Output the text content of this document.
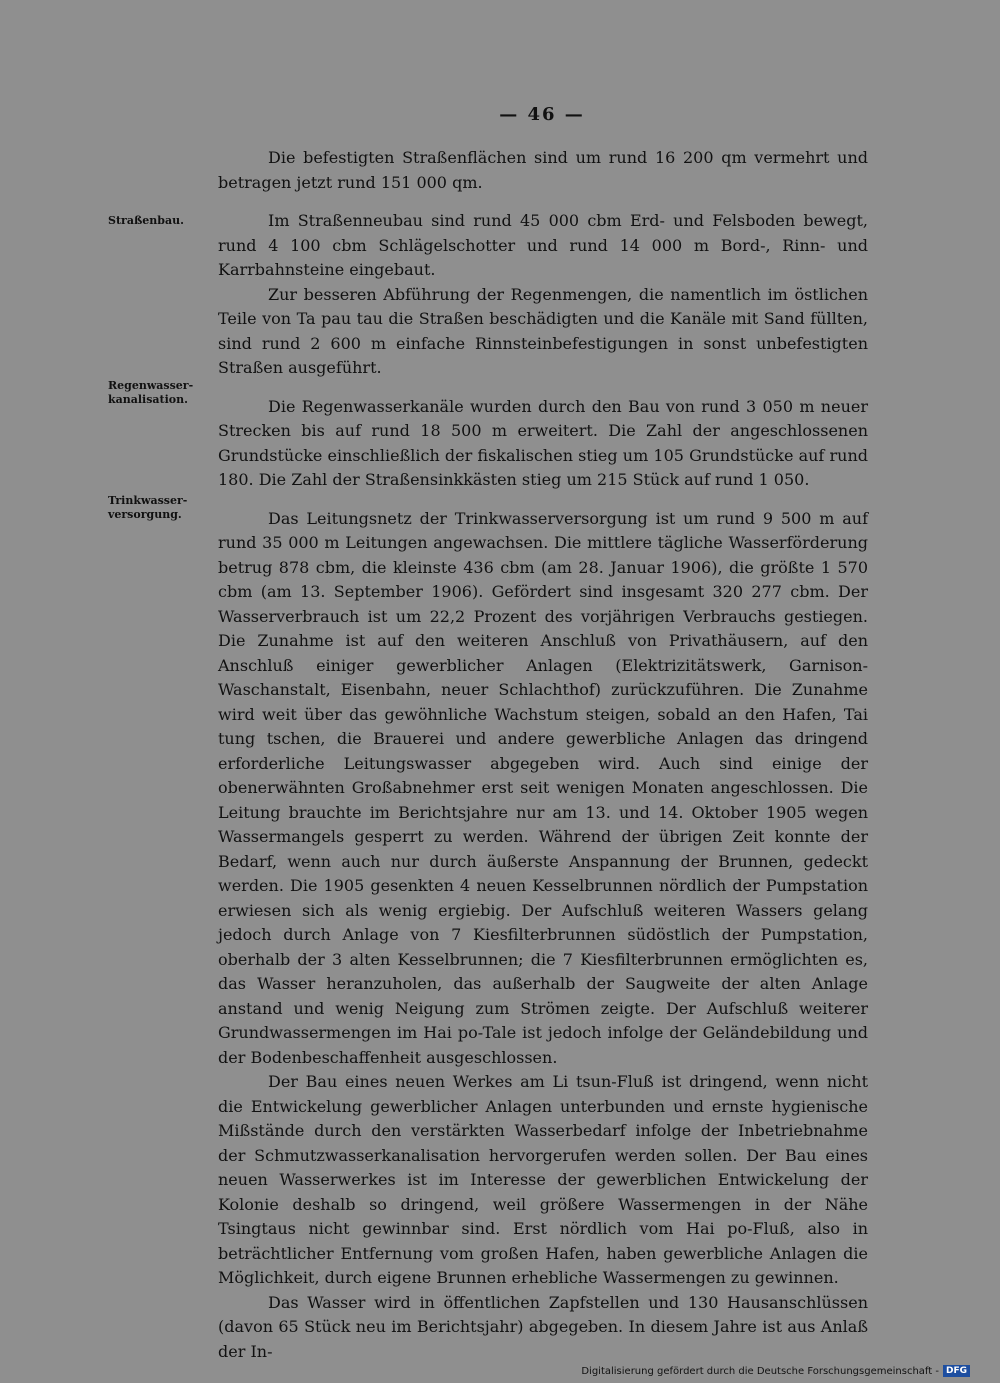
— 46 —
Straßenbau.
Regenwasser-
kanalisation.
Trinkwasser-
versorgung.

Die befestigten Straßenflächen sind um rund 16 200 qm vermehrt und betragen jetzt rund 151 000 qm.

Im Straßenneubau sind rund 45 000 cbm Erd- und Felsboden bewegt, rund 4 100 cbm Schlägelschotter und rund 14 000 m Bord-, Rinn- und Karrbahnsteine eingebaut.

Zur besseren Abführung der Regenmengen, die namentlich im östlichen Teile von Ta pau tau die Straßen beschädigten und die Kanäle mit Sand füllten, sind rund 2 600 m einfache Rinnsteinbefestigungen in sonst unbefestigten Straßen ausgeführt.

Die Regenwasserkanäle wurden durch den Bau von rund 3 050 m neuer Strecken bis auf rund 18 500 m erweitert. Die Zahl der angeschlossenen Grundstücke einschließlich der fiskalischen stieg um 105 Grundstücke auf rund 180. Die Zahl der Straßensinkkästen stieg um 215 Stück auf rund 1 050.

Das Leitungsnetz der Trinkwasserversorgung ist um rund 9 500 m auf rund 35 000 m Leitungen angewachsen. Die mittlere tägliche Wasserförderung betrug 878 cbm, die kleinste 436 cbm (am 28. Januar 1906), die größte 1 570 cbm (am 13. September 1906). Gefördert sind insgesamt 320 277 cbm. Der Wasserverbrauch ist um 22,2 Prozent des vorjährigen Verbrauchs gestiegen. Die Zunahme ist auf den weiteren Anschluß von Privathäusern, auf den Anschluß einiger gewerblicher Anlagen (Elektrizitätswerk, Garnison-Waschanstalt, Eisenbahn, neuer Schlachthof) zurückzuführen. Die Zunahme wird weit über das gewöhnliche Wachstum steigen, sobald an den Hafen, Tai tung tschen, die Brauerei und andere gewerbliche Anlagen das dringend erforderliche Leitungswasser abgegeben wird. Auch sind einige der obenerwähnten Großabnehmer erst seit wenigen Monaten angeschlossen. Die Leitung brauchte im Berichtsjahre nur am 13. und 14. Oktober 1905 wegen Wassermangels gesperrt zu werden. Während der übrigen Zeit konnte der Bedarf, wenn auch nur durch äußerste Anspannung der Brunnen, gedeckt werden. Die 1905 gesenkten 4 neuen Kesselbrunnen nördlich der Pumpstation erwiesen sich als wenig ergiebig. Der Aufschluß weiteren Wassers gelang jedoch durch Anlage von 7 Kiesfilterbrunnen südöstlich der Pumpstation, oberhalb der 3 alten Kesselbrunnen; die 7 Kiesfilterbrunnen ermöglichten es, das Wasser heranzuholen, das außerhalb der Saugweite der alten Anlage anstand und wenig Neigung zum Strömen zeigte. Der Aufschluß weiterer Grundwassermengen im Hai po-Tale ist jedoch infolge der Geländebildung und der Bodenbeschaffenheit ausgeschlossen.

Der Bau eines neuen Werkes am Li tsun-Fluß ist dringend, wenn nicht die Entwickelung gewerblicher Anlagen unterbunden und ernste hygienische Mißstände durch den verstärkten Wasserbedarf infolge der Inbetriebnahme der Schmutzwasserkanalisation hervorgerufen werden sollen. Der Bau eines neuen Wasserwerkes ist im Interesse der gewerblichen Entwickelung der Kolonie deshalb so dringend, weil größere Wassermengen in der Nähe Tsingtaus nicht gewinnbar sind. Erst nördlich vom Hai po-Fluß, also in beträchtlicher Entfernung vom großen Hafen, haben gewerbliche Anlagen die Möglichkeit, durch eigene Brunnen erhebliche Wassermengen zu gewinnen.

Das Wasser wird in öffentlichen Zapfstellen und 130 Hausanschlüssen (davon 65 Stück neu im Berichtsjahr) abgegeben. In diesem Jahre ist aus Anlaß der In-

Digitalisierung gefördert durch die Deutsche Forschungsgemeinschaft - DFG
